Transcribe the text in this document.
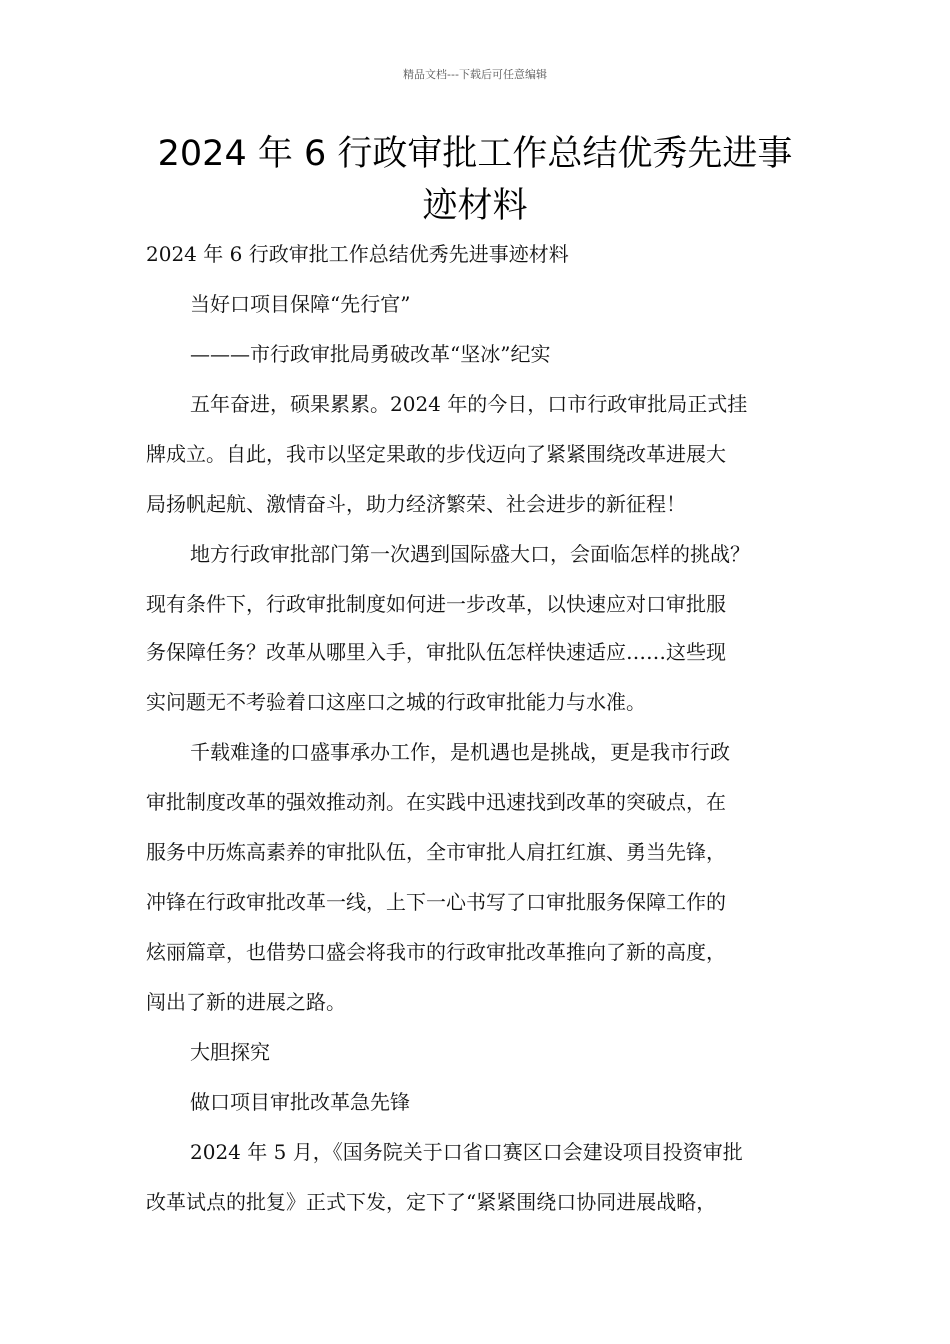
精品文档---下载后可任意编辑
2024 年 6 行政审批工作总结优秀先进事
迹材料
2024 年 6 行政审批工作总结优秀先进事迹材料
当好口项目保障“先行官”
———市行政审批局勇破改革“坚冰”纪实
五年奋进，硕果累累。2024 年的今日，口市行政审批局正式挂
牌成立。自此，我市以坚定果敢的步伐迈向了紧紧围绕改革进展大
局扬帆起航、激情奋斗，助力经济繁荣、社会进步的新征程！
地方行政审批部门第一次遇到国际盛大口，会面临怎样的挑战？
现有条件下，行政审批制度如何进一步改革，以快速应对口审批服
务保障任务？改革从哪里入手，审批队伍怎样快速适应……这些现
实问题无不考验着口这座口之城的行政审批能力与水准。
千载难逢的口盛事承办工作，是机遇也是挑战，更是我市行政
审批制度改革的强效推动剂。在实践中迅速找到改革的突破点，在
服务中历炼高素养的审批队伍，全市审批人肩扛红旗、勇当先锋，
冲锋在行政审批改革一线，上下一心书写了口审批服务保障工作的
炫丽篇章，也借势口盛会将我市的行政审批改革推向了新的高度，
闯出了新的进展之路。
大胆探究
做口项目审批改革急先锋
2024 年 5 月，《国务院关于口省口赛区口会建设项目投资审批
改革试点的批复》正式下发，定下了“紧紧围绕口协同进展战略，
